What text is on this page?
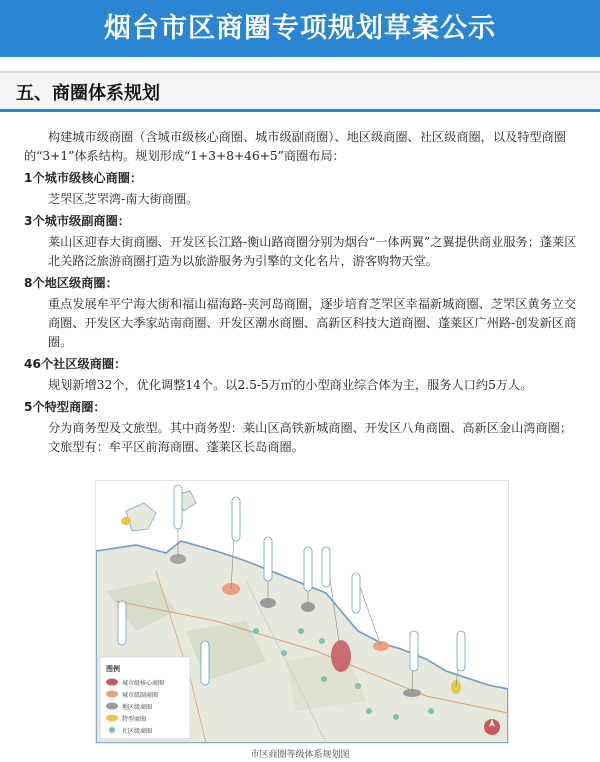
烟台市区商圈专项规划草案公示
五、商圈体系规划

构建城市级商圈（含城市级核心商圈、城市级副商圈）、地区级商圈、社区级商圈，以及特型商圈的“3+1”体系结构。规划形成“1+3+8+46+5”商圈布局：

1个城市级核心商圈：

芝罘区芝罘湾-南大街商圈。

3个城市级副商圈：

莱山区迎春大街商圈、开发区长江路-衡山路商圈分别为烟台“一体两翼”之翼提供商业服务；蓬莱区北关路泛旅游商圈打造为以旅游服务为引擎的文化名片，游客购物天堂。

8个地区级商圈：

重点发展牟平宁海大街和福山福海路-夹河岛商圈，逐步培育芝罘区幸福新城商圈、芝罘区黄务立交商圈、开发区大季家站南商圈、开发区潮水商圈、高新区科技大道商圈、蓬莱区广州路-创发新区商圈。

46个社区级商圈：

规划新增32个，优化调整14个。以2.5-5万㎡的小型商业综合体为主，服务人口约5万人。

5个特型商圈：

分为商务型及文旅型。其中商务型：莱山区高铁新城商圈、开发区八角商圈、高新区金山湾商圈；文旅型有：牟平区前海商圈、蓬莱区长岛商圈。

图例
城市级核心商圈
城市级副商圈
地区级商圈
特型商圈
社区级商圈
市区商圈等级体系规划图
